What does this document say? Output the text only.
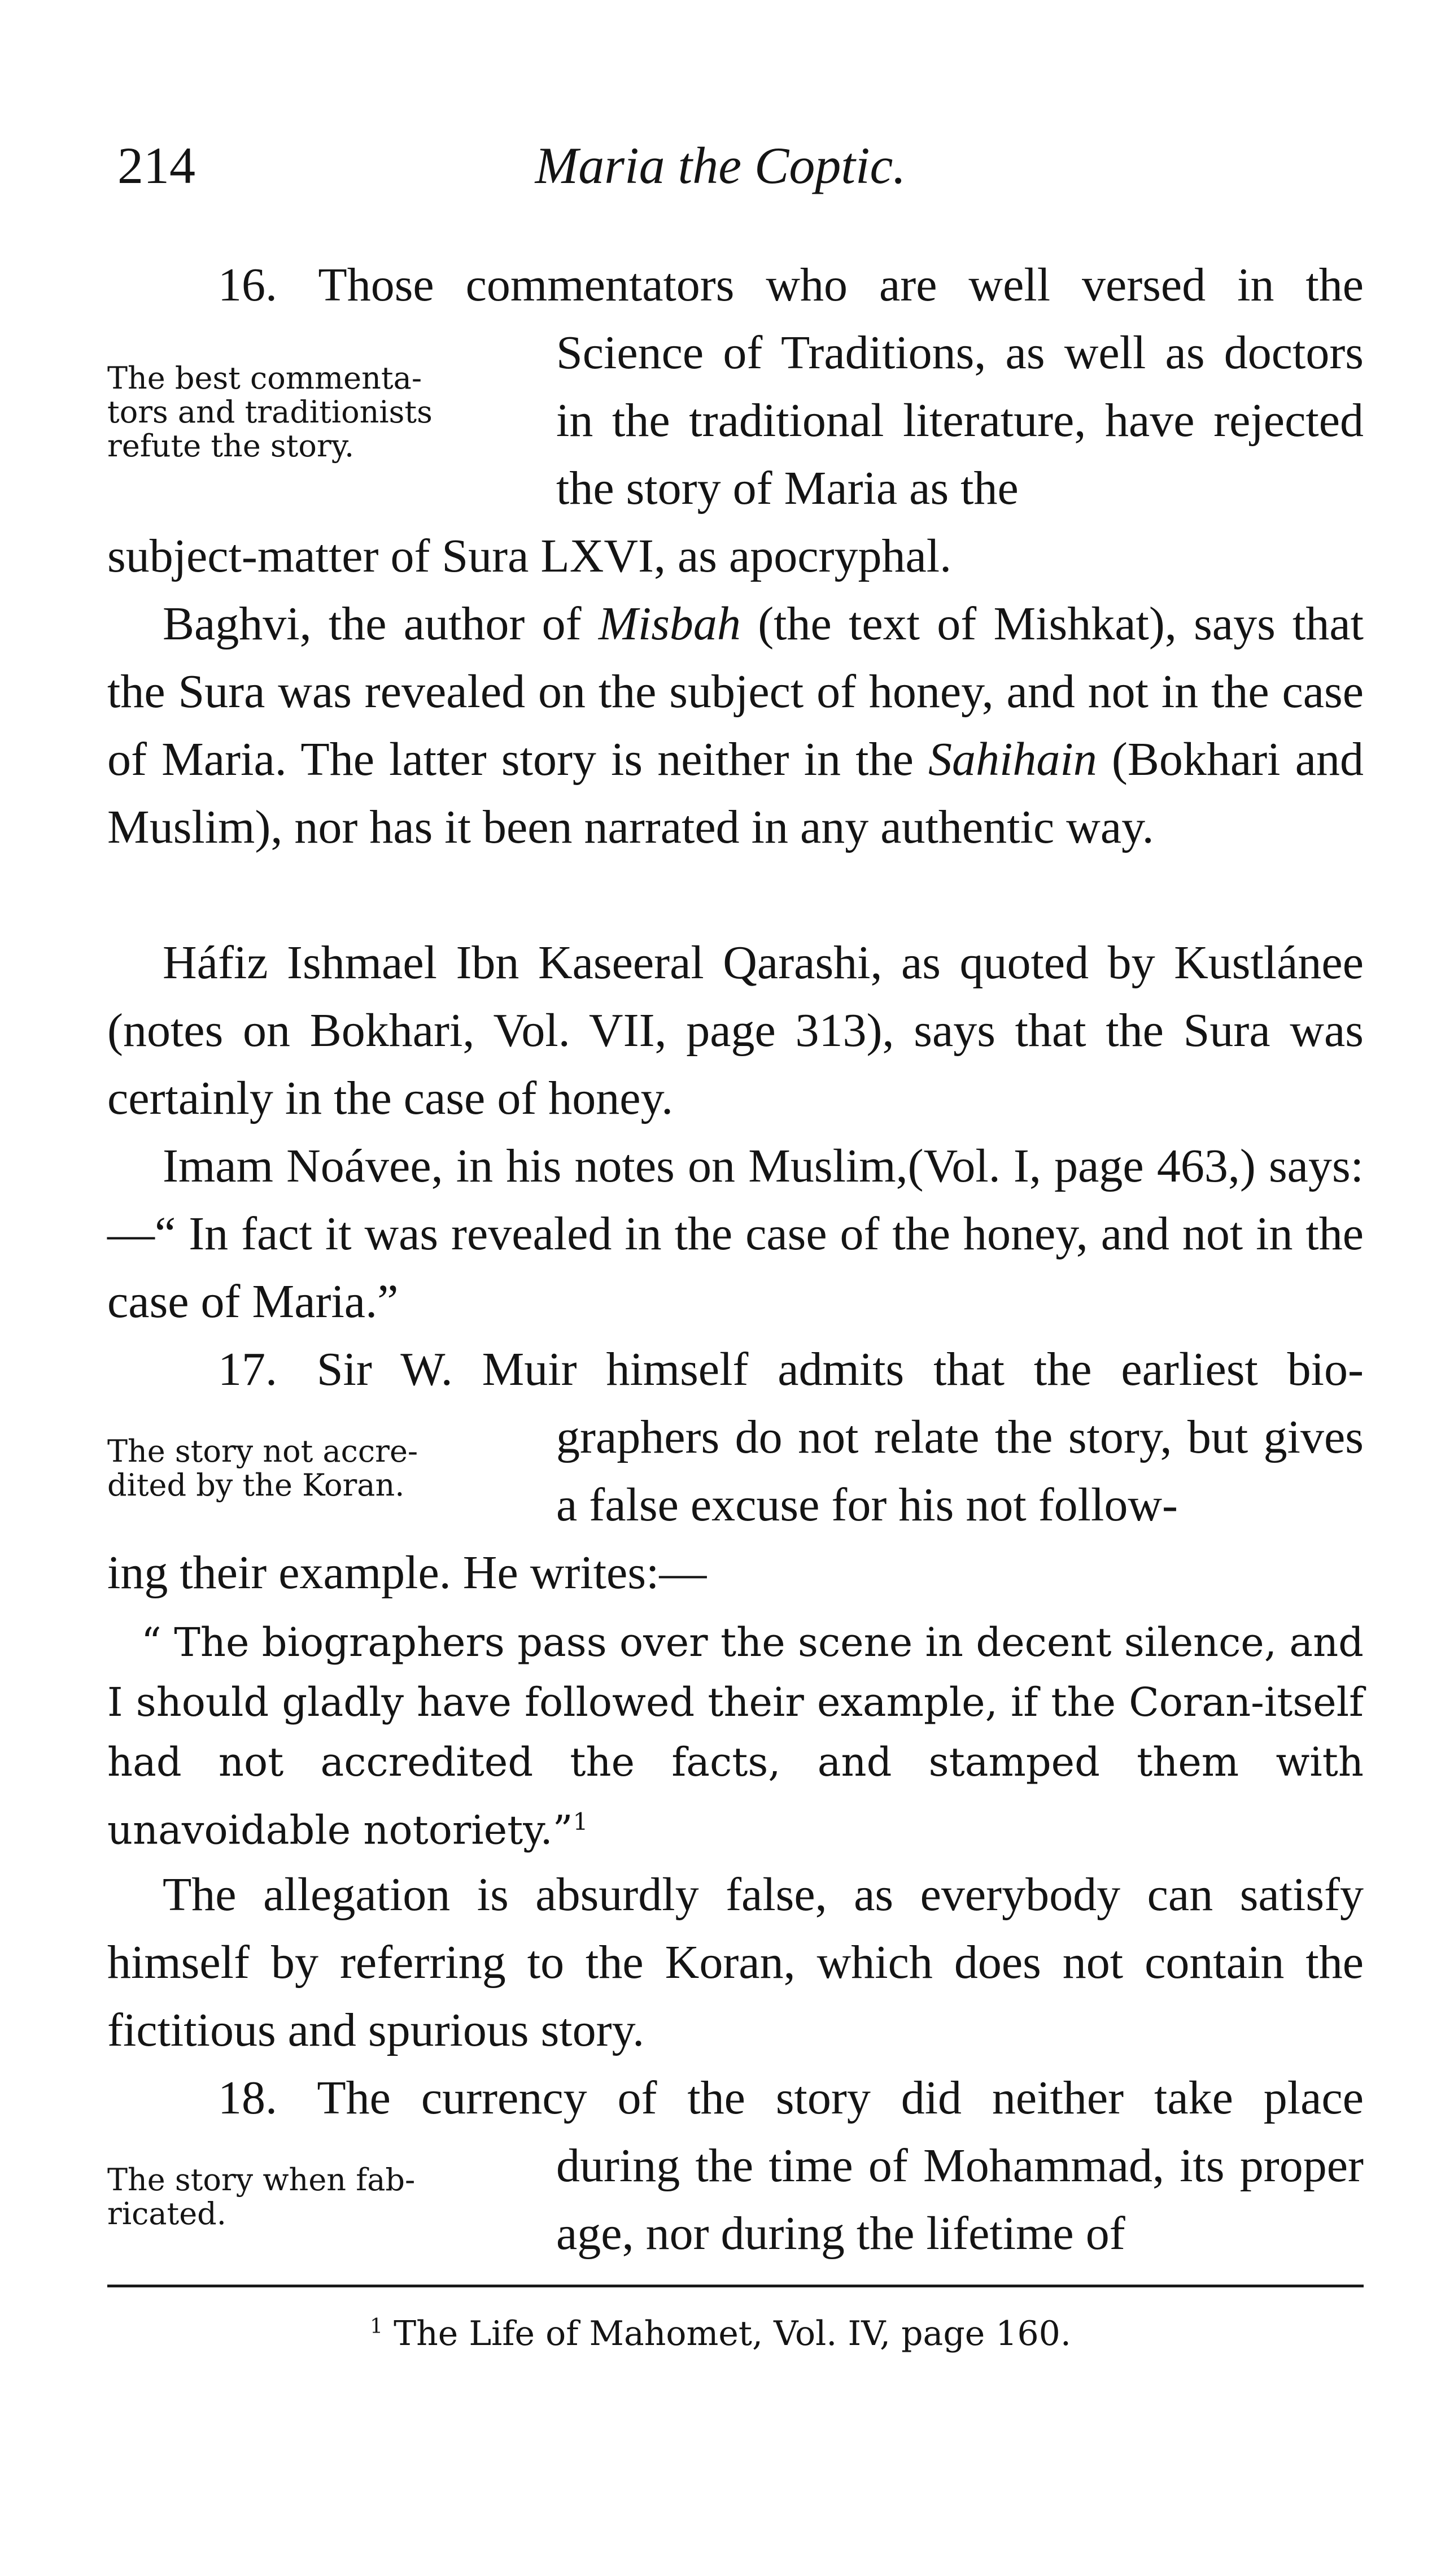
214	Maria the Coptic.

16. Those commentators who are well versed in the

The best commenta- tors and traditionists refute the story.
Science of Traditions, as well as doctors in the traditional literature, have rejected the story of Maria as the

subject-matter of Sura LXVI, as apocryphal.

Baghvi, the author of Misbah (the text of Mishkat), says that the Sura was revealed on the subject of honey, and not in the case of Maria. The latter story is neither in the Sahihain (Bokhari and Muslim), nor has it been narrated in any authentic way.

Háfiz Ishmael Ibn Kaseeral Qarashi, as quoted by Kustlánee (notes on Bokhari, Vol. VII, page 313), says that the Sura was certainly in the case of honey.

Imam Noávee, in his notes on Muslim,(Vol. I, page 463,) says:—“ In fact it was revealed in the case of the honey, and not in the case of Maria.”

17. Sir W. Muir himself admits that the earliest bio-

The story not accre- dited by the Koran.
graphers do not relate the story, but gives a false excuse for his not follow-

ing their example. He writes:—

“ The biographers pass over the scene in decent silence, and I should gladly have followed their example, if the Coran-itself had not accredited the facts, and stamped them with unavoidable notoriety.”$^1$

The allegation is absurdly false, as everybody can satisfy himself by referring to the Koran, which does not contain the fictitious and spurious story.

18. The currency of the story did neither take place

The story when fab- ricated.
during the time of Mohammad, its proper age, nor during the lifetime of
$^1$ The Life of Mahomet, Vol. IV, page 160.
